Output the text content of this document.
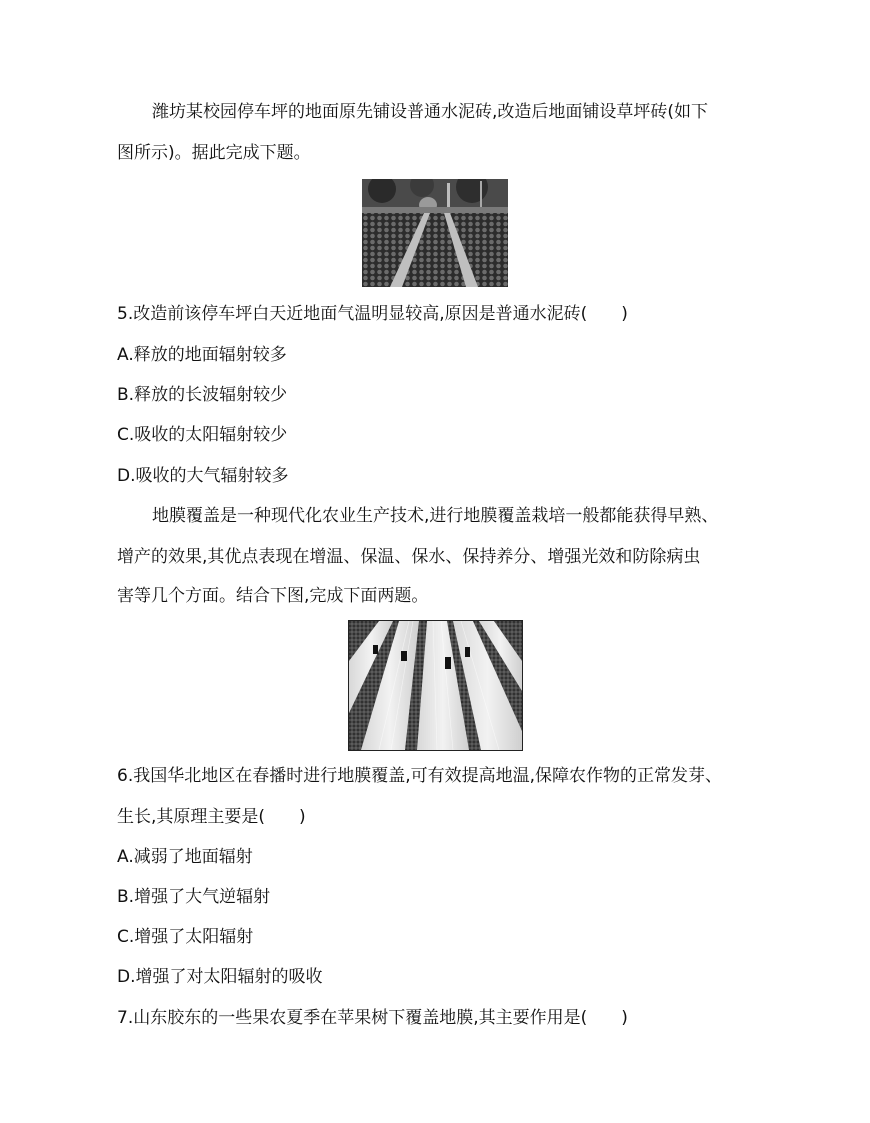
潍坊某校园停车坪的地面原先铺设普通水泥砖,改造后地面铺设草坪砖(如下
图所示)。据此完成下题。
5.改造前该停车坪白天近地面气温明显较高,原因是普通水泥砖(　　)
A.释放的地面辐射较多
B.释放的长波辐射较少
C.吸收的太阳辐射较少
D.吸收的大气辐射较多
地膜覆盖是一种现代化农业生产技术,进行地膜覆盖栽培一般都能获得早熟、
增产的效果,其优点表现在增温、保温、保水、保持养分、增强光效和防除病虫
害等几个方面。结合下图,完成下面两题。
6.我国华北地区在春播时进行地膜覆盖,可有效提高地温,保障农作物的正常发芽、
生长,其原理主要是(　　)
A.减弱了地面辐射
B.增强了大气逆辐射
C.增强了太阳辐射
D.增强了对太阳辐射的吸收
7.山东胶东的一些果农夏季在苹果树下覆盖地膜,其主要作用是(　　)
